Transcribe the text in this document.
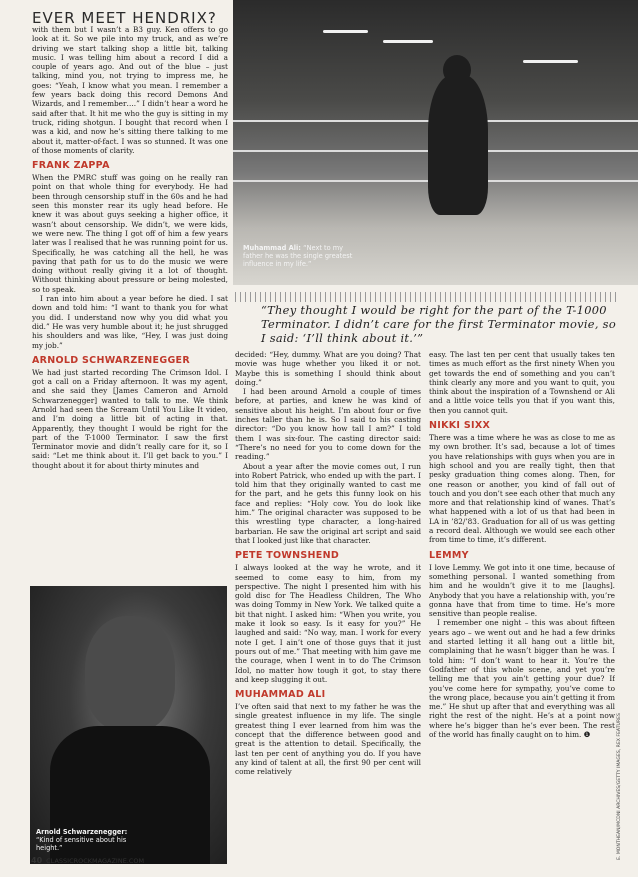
EVER MEET HENDRIX?

with them but I wasn’t a B3 guy. Ken offers to go look at it. So we pile into my truck, and as we’re driving we start talking shop a little bit, talking music. I was telling him about a record I did a couple of years ago. And out of the blue – just talking, mind you, not trying to impress me, he goes: “Yeah, I know what you mean. I remember a few years back doing this record Demons And Wizards, and I remember….” I didn’t hear a word he said after that. It hit me who the guy is sitting in my truck, riding shotgun. I bought that record when I was a kid, and now he’s sitting there talking to me about it, matter-of-fact. I was so stunned. It was one of those moments of clarity.

FRANK ZAPPA

When the PMRC stuff was going on he really ran point on that whole thing for everybody. He had been through censorship stuff in the 60s and he had seen this monster rear its ugly head before. He knew it was about guys seeking a higher office, it wasn’t about censorship. We didn’t, we were kids, we were new. The thing I got off of him a few years later was I realised that he was running point for us. Specifically, he was catching all the hell, he was paving that path for us to do the music we were doing without really giving it a lot of thought. Without thinking about pressure or being molested, so to speak.

I ran into him about a year before he died. I sat down and told him: “I want to thank you for what you did. I understand now why you did what you did.” He was very humble about it; he just shrugged his shoulders and was like, “Hey, I was just doing my job.”

ARNOLD SCHWARZENEGGER

We had just started recording The Crimson Idol. I got a call on a Friday afternoon. It was my agent, and she said they [James Cameron and Arnold Schwarzenegger] wanted to talk to me. We think Arnold had seen the Scream Until You Like It video, and I’m doing a little bit of acting in that. Apparently, they thought I would be right for the part of the T-1000 Terminator. I saw the first Terminator movie and didn’t really care for it, so I said: “Let me think about it. I’ll get back to you.” I thought about it for about thirty minutes and

Muhammad Ali: “Next to my father he was the single greatest influence in my life.”
“They thought I would be right for the part of the T-1000 Terminator. I didn’t care for the first Terminator movie, so I said: ‘I’ll think about it.’”

decided: “Hey, dummy. What are you doing? That movie was huge whether you liked it or not. Maybe this is something I should think about doing.”

I had been around Arnold a couple of times before, at parties, and knew he was kind of sensitive about his height. I’m about four or five inches taller than he is. So I said to his casting director: “Do you know how tall I am?” I told them I was six-four. The casting director said: “There’s no need for you to come down for the reading.”

About a year after the movie comes out, I run into Robert Patrick, who ended up with the part. I told him that they originally wanted to cast me for the part, and he gets this funny look on his face and replies: “Holy cow. You do look like him.” The original character was supposed to be this wrestling type character, a long-haired barbarian. He saw the original art script and said that I looked just like that character.

PETE TOWNSHEND

I always looked at the way he wrote, and it seemed to come easy to him, from my perspective. The night I presented him with his gold disc for The Headless Children, The Who was doing Tommy in New York. We talked quite a bit that night. I asked him: “When you write, you make it look so easy. Is it easy for you?” He laughed and said: “No way, man. I work for every note I get. I ain’t one of those guys that it just pours out of me.” That meeting with him gave me the courage, when I went in to do The Crimson Idol, no matter how tough it got, to stay there and keep slugging it out.

MUHAMMAD ALI

I’ve often said that next to my father he was the single greatest influence in my life. The single greatest thing I ever learned from him was the concept that the difference between good and great is the attention to detail. Specifically, the last ten per cent of anything you do. If you have any kind of talent at all, the first 90 per cent will come relatively

easy. The last ten per cent that usually takes ten times as much effort as the first ninety When you get towards the end of something and you can’t think clearly any more and you want to quit, you think about the inspiration of a Townshend or Ali and a little voice tells you that if you want this, then you cannot quit.

NIKKI SIXX

There was a time where he was as close to me as my own brother. It’s sad, because a lot of times you have relationships with guys when you are in high school and you are really tight, then that pesky graduation thing comes along. Then, for one reason or another, you kind of fall out of touch and you don’t see each other that much any more and that relationship kind of wanes. That’s what happened with a lot of us that had been in LA in ’82/’83. Graduation for all of us was getting a record deal. Although we would see each other from time to time, it’s different.

LEMMY

I love Lemmy. We got into it one time, because of something personal. I wanted something from him and he wouldn’t give it to me [laughs]. Anybody that you have a relationship with, you’re gonna have that from time to time. He’s more sensitive than people realise.

I remember one night – this was about fifteen years ago – we went out and he had a few drinks and started letting it all hang out a little bit, complaining that he wasn’t bigger than he was. I told him: “I don’t want to hear it. You’re the Godfather of this whole scene, and yet you’re telling me that you ain’t getting your due? If you’ve come here for sympathy, you’ve come to the wrong place, because you ain’t getting it from me.” He shut up after that and everything was all right the rest of the night. He’s at a point now where he’s bigger than he’s ever been. The rest of the world has finally caught on to him. ❶

Arnold Schwarzenegger: “Kind of sensitive about his height.”	E. MONTHEAN/MCDNI ARCHIVES/GETTY IMAGES, REX FEATURES
40 CLASSICROCKMAGAZINE.COM
